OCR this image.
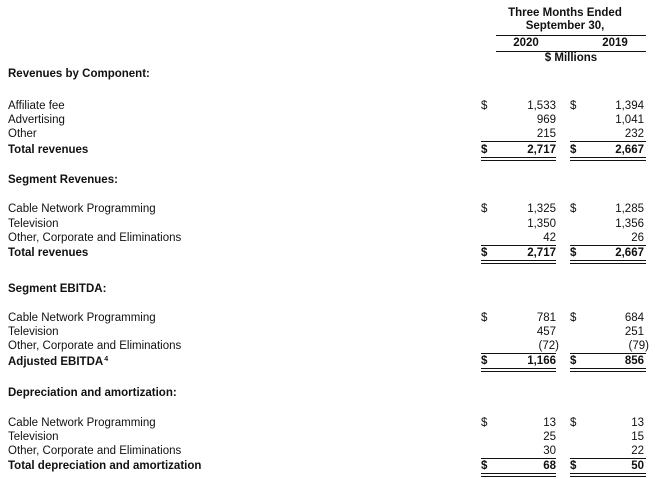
Three Months Ended
September 30,
2020	2019
$ Millions
Revenues by Component:
Affiliate fee	$	1,533 $	1,394
Advertising	969	1,041
Other	215	232
Total revenues	$	2,717 $	2,667
Segment Revenues:
Cable Network Programming	$	1,325 $	1,285
Television	1,350	1,356
Other, Corporate and Eliminations	42	26
Total revenues	$	2,717 $	2,667
Segment EBITDA:
Cable Network Programming	$	781 $	684
Television	457	251
Other, Corporate and Eliminations	(72)	(79)
Adjusted EBITDA$^4$	$	1,166 $	856
Depreciation and amortization:
Cable Network Programming	$	13 $	13
Television	25	15
Other, Corporate and Eliminations	30	22
Total depreciation and amortization	$	68 $	50
